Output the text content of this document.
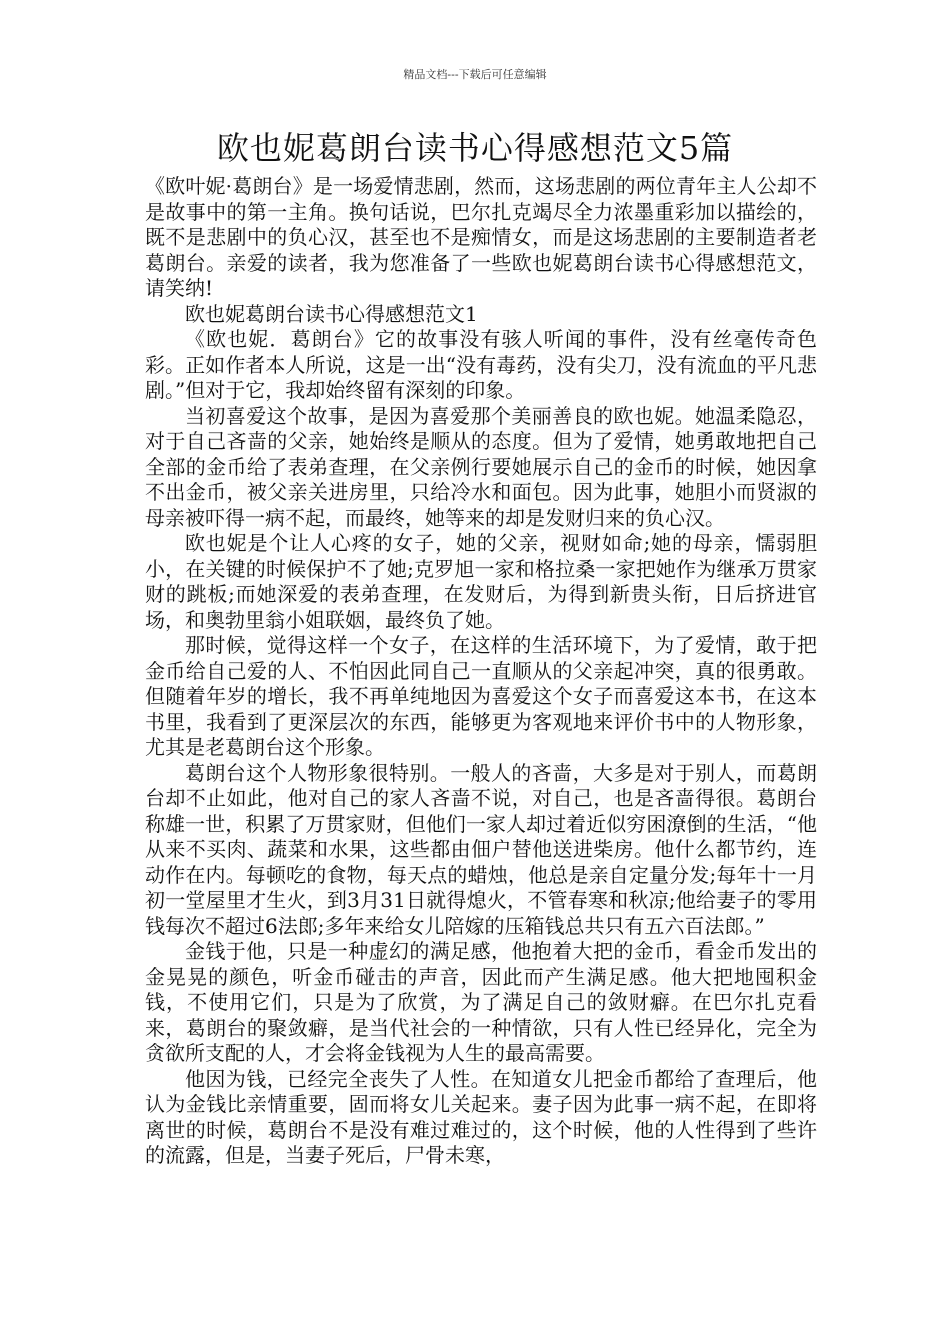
精品文档---下载后可任意编辑
欧也妮葛朗台读书心得感想范文5篇

《欧叶妮·葛朗台》是一场爱情悲剧，然而，这场悲剧的两位青年主人公却不是故事中的第一主角。换句话说，巴尔扎克竭尽全力浓墨重彩加以描绘的，既不是悲剧中的负心汉，甚至也不是痴情女，而是这场悲剧的主要制造者老葛朗台。亲爱的读者，我为您准备了一些欧也妮葛朗台读书心得感想范文，请笑纳!

欧也妮葛朗台读书心得感想范文1

《欧也妮．葛朗台》它的故事没有骇人听闻的事件，没有丝毫传奇色彩。正如作者本人所说，这是一出“没有毒药，没有尖刀，没有流血的平凡悲剧。”但对于它，我却始终留有深刻的印象。

当初喜爱这个故事，是因为喜爱那个美丽善良的欧也妮。她温柔隐忍，对于自己吝啬的父亲，她始终是顺从的态度。但为了爱情，她勇敢地把自己全部的金币给了表弟查理，在父亲例行要她展示自己的金币的时候，她因拿不出金币，被父亲关进房里，只给冷水和面包。因为此事，她胆小而贤淑的母亲被吓得一病不起，而最终，她等来的却是发财归来的负心汉。

欧也妮是个让人心疼的女子，她的父亲，视财如命;她的母亲，懦弱胆小，在关键的时候保护不了她;克罗旭一家和格拉桑一家把她作为继承万贯家财的跳板;而她深爱的表弟查理，在发财后，为得到新贵头衔，日后挤进官场，和奥勃里翁小姐联姻，最终负了她。

那时候，觉得这样一个女子，在这样的生活环境下，为了爱情，敢于把金币给自己爱的人、不怕因此同自己一直顺从的父亲起冲突，真的很勇敢。但随着年岁的增长，我不再单纯地因为喜爱这个女子而喜爱这本书，在这本书里，我看到了更深层次的东西，能够更为客观地来评价书中的人物形象，尤其是老葛朗台这个形象。

葛朗台这个人物形象很特别。一般人的吝啬，大多是对于别人，而葛朗台却不止如此，他对自己的家人吝啬不说，对自己，也是吝啬得很。葛朗台称雄一世，积累了万贯家财，但他们一家人却过着近似穷困潦倒的生活，“他从来不买肉、蔬菜和水果，这些都由佃户替他送进柴房。他什么都节约，连动作在内。每顿吃的食物，每天点的蜡烛，他总是亲自定量分发;每年十一月初一堂屋里才生火，到3月31日就得熄火，不管春寒和秋凉;他给妻子的零用钱每次不超过6法郎;多年来给女儿陪嫁的压箱钱总共只有五六百法郎。”

金钱于他，只是一种虚幻的满足感，他抱着大把的金币，看金币发出的金晃晃的颜色，听金币碰击的声音，因此而产生满足感。他大把地囤积金钱，不使用它们，只是为了欣赏，为了满足自己的敛财癖。在巴尔扎克看来，葛朗台的聚敛癖，是当代社会的一种情欲，只有人性已经异化，完全为贪欲所支配的人，才会将金钱视为人生的最高需要。

他因为钱，已经完全丧失了人性。在知道女儿把金币都给了查理后，他认为金钱比亲情重要，固而将女儿关起来。妻子因为此事一病不起，在即将离世的时候，葛朗台不是没有难过难过的，这个时候，他的人性得到了些许的流露，但是，当妻子死后，尸骨未寒，
